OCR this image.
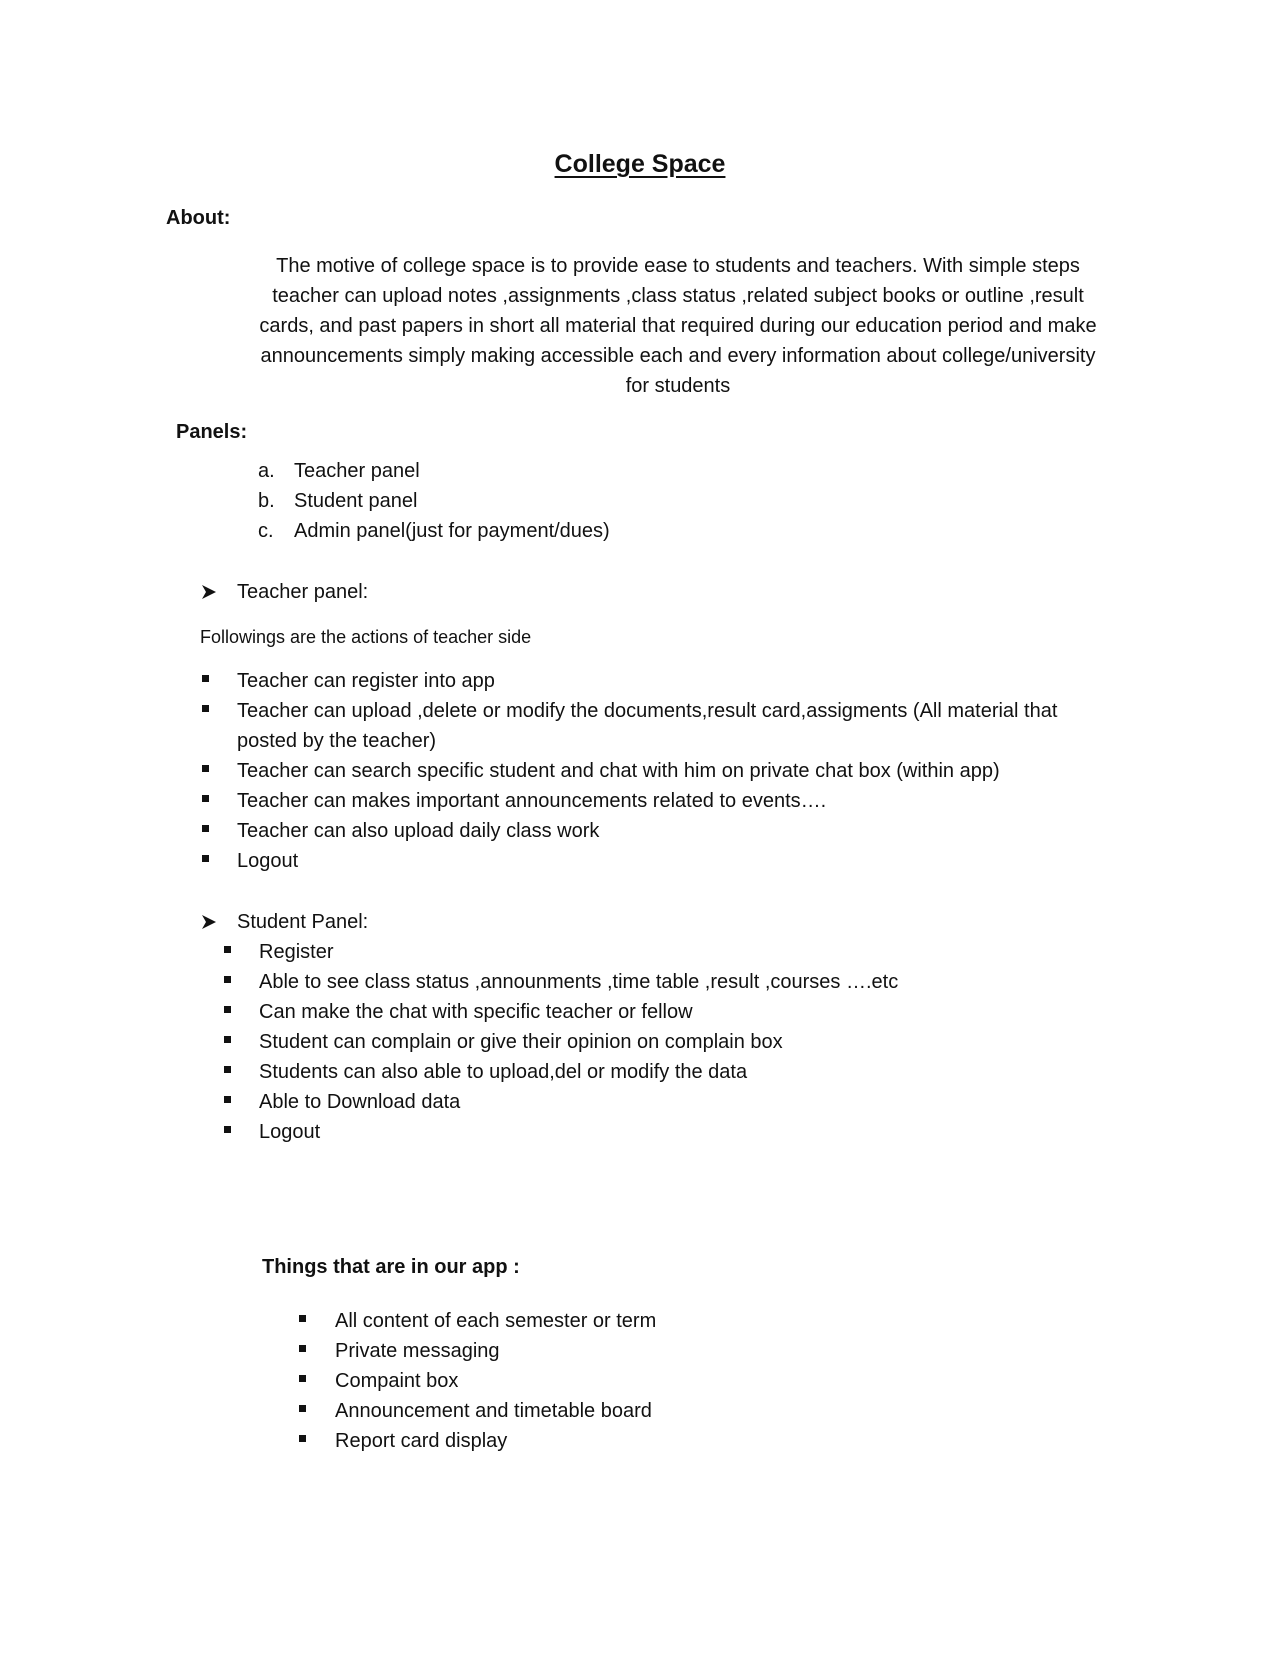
College Space
About:
The motive of college space is to provide ease to students and teachers. With simple steps
teacher can upload notes ,assignments ,class status ,related subject books or outline ,result
cards, and past papers in short all material that required during our education period and make
announcements simply making accessible each and every information about college/university
for students
Panels:
a. Teacher panel
b. Student panel
c. Admin panel(just for payment/dues)
Teacher panel:
Followings are the actions of teacher side
Teacher can register into app
Teacher can upload ,delete or modify the documents,result card,assigments (All material that
posted by the teacher)
Teacher can search specific student and chat with him on private chat box (within app)
Teacher can makes important announcements related to events….
Teacher can also upload daily class work
Logout
Student Panel:
Register
Able to see class status ,announments ,time table ,result ,courses ….etc
Can make the chat with specific teacher or fellow
Student can complain or give their opinion on complain box
Students can also able to upload,del or modify the data
Able to Download data
Logout
Things that are in our app :
All content of each semester or term
Private messaging
Compaint box
Announcement and timetable board
Report card display
